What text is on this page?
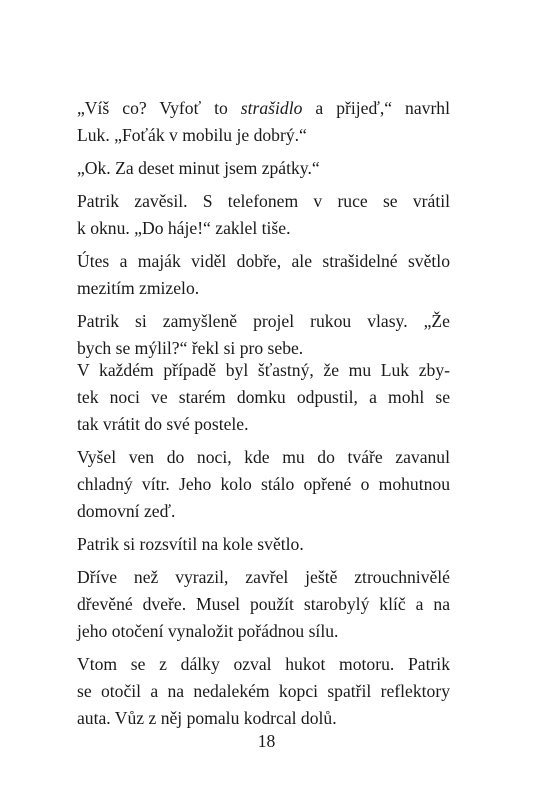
„Víš co? Vyfoť to strašidlo a přijeď,“ navrhl
Luk. „Foťák v mobilu je dobrý.“

„Ok. Za deset minut jsem zpátky.“

Patrik zavěsil. S telefonem v ruce se vrátil
k oknu. „Do háje!“ zaklel tiše.

Útes a maják viděl dobře, ale strašidelné světlo
mezitím zmizelo.

Patrik si zamyšleně projel rukou vlasy. „Že
bych se mýlil?“ řekl si pro sebe.

V každém případě byl šťastný, že mu Luk zby-
tek noci ve starém domku odpustil, a mohl se
tak vrátit do své postele.

Vyšel ven do noci, kde mu do tváře zavanul
chladný vítr. Jeho kolo stálo opřené o mohutnou
domovní zeď.

Patrik si rozsvítil na kole světlo.

Dříve než vyrazil, zavřel ještě ztrouchnivělé
dřevěné dveře. Musel použít starobylý klíč a na
jeho otočení vynaložit pořádnou sílu.

Vtom se z dálky ozval hukot motoru. Patrik
se otočil a na nedalekém kopci spatřil reflektory
auta. Vůz z něj pomalu kodrcal dolů.

18
